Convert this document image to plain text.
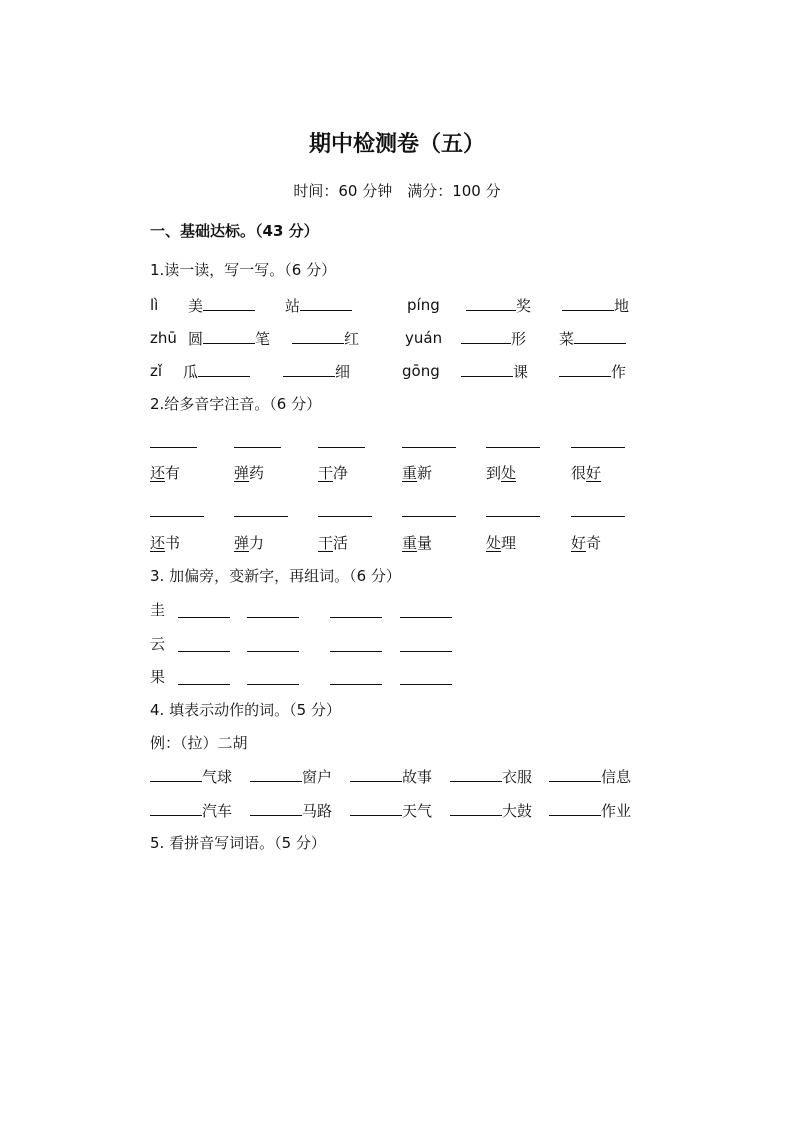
期中检测卷（五）
时间：60 分钟　满分：100 分
一、基础达标。（43 分）
1.读一读，写一写。（6 分）
lì 美	站	píng	奖	地
zhū 圆	笔	红	yuán	形 菜
zǐ 瓜	细	gōng	课	作
2.给多音字注音。（6 分）
还有	弹药	干净	重新	到处	很好
还书	弹力	干活	重量	处理	好奇
3. 加偏旁，变新字，再组词。（6 分）
圭
云
果
4. 填表示动作的词。（5 分）
例：（拉）二胡
气球	窗户	故事	衣服	信息
汽车	马路	天气	大鼓	作业
5. 看拼音写词语。（5 分）
